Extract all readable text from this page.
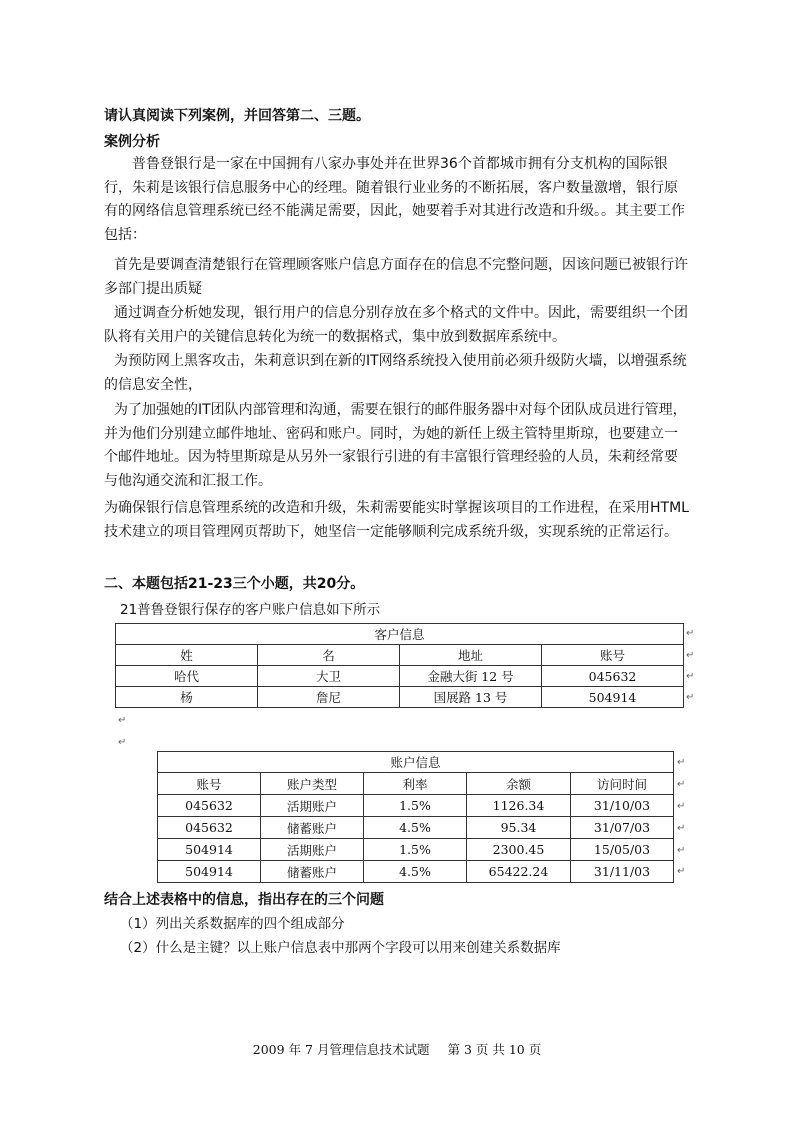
请认真阅读下列案例，并回答第二、三题。
案例分析

普鲁登银行是一家在中国拥有八家办事处并在世界36个首都城市拥有分支机构的国际银行，朱莉是该银行信息服务中心的经理。随着银行业业务的不断拓展，客户数量激增，银行原有的网络信息管理系统已经不能满足需要，因此，她要着手对其进行改造和升级。。其主要工作包括：

首先是要调查清楚银行在管理顾客账户信息方面存在的信息不完整问题，因该问题已被银行许多部门提出质疑

通过调查分析她发现，银行用户的信息分别存放在多个格式的文件中。因此，需要组织一个团队将有关用户的关键信息转化为统一的数据格式，集中放到数据库系统中。

为预防网上黑客攻击，朱莉意识到在新的IT网络系统投入使用前必须升级防火墙，以增强系统的信息安全性，

为了加强她的IT团队内部管理和沟通，需要在银行的邮件服务器中对每个团队成员进行管理，并为他们分别建立邮件地址、密码和账户。同时，为她的新任上级主管特里斯琼，也要建立一个邮件地址。因为特里斯琼是从另外一家银行引进的有丰富银行管理经验的人员，朱莉经常要与他沟通交流和汇报工作。

为确保银行信息管理系统的改造和升级，朱莉需要能实时掌握该项目的工作进程，在采用HTML技术建立的项目管理网页帮助下，她坚信一定能够顺利完成系统升级，实现系统的正常运行。

二、本题包括21-23三个小题，共20分。
21普鲁登银行保存的客户账户信息如下所示
客户信息			
姓	名	地址	账号
哈代	大卫	金融大街 12 号	045632
杨	詹尼	国展路 13 号	504914
↵
↵
↵
↵
↵
↵
账户信息				
账号	账户类型	利率	余额	访问时间
045632	活期账户	1.5%	1126.34	31/10/03
045632	储蓄账户	4.5%	95.34	31/07/03
504914	活期账户	1.5%	2300.45	15/05/03
504914	储蓄账户	4.5%	65422.24	31/11/03
↵
↵
↵
↵
↵
↵
结合上述表格中的信息，指出存在的三个问题
（1）列出关系数据库的四个组成部分
（2）什么是主键？以上账户信息表中那两个字段可以用来创建关系数据库
2009 年 7 月管理信息技术试题 第 3 页 共 10 页
